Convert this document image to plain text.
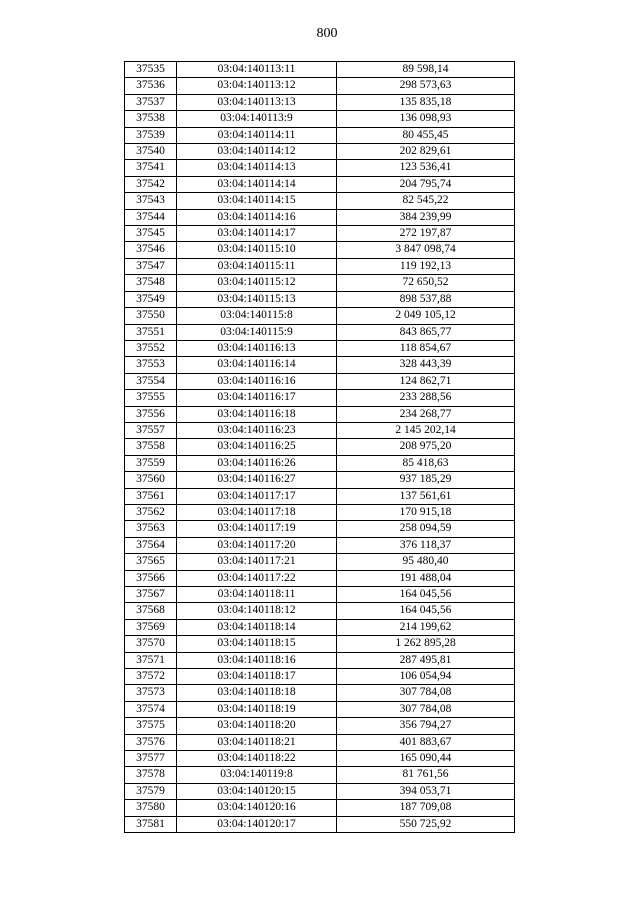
800
37535	03:04:140113:11	89 598,14
37536	03:04:140113:12	298 573,63
37537	03:04:140113:13	135 835,18
37538	03:04:140113:9	136 098,93
37539	03:04:140114:11	80 455,45
37540	03:04:140114:12	202 829,61
37541	03:04:140114:13	123 536,41
37542	03:04:140114:14	204 795,74
37543	03:04:140114:15	82 545,22
37544	03:04:140114:16	384 239,99
37545	03:04:140114:17	272 197,87
37546	03:04:140115:10	3 847 098,74
37547	03:04:140115:11	119 192,13
37548	03:04:140115:12	72 650,52
37549	03:04:140115:13	898 537,88
37550	03:04:140115:8	2 049 105,12
37551	03:04:140115:9	843 865,77
37552	03:04:140116:13	118 854,67
37553	03:04:140116:14	328 443,39
37554	03:04:140116:16	124 862,71
37555	03:04:140116:17	233 288,56
37556	03:04:140116:18	234 268,77
37557	03:04:140116:23	2 145 202,14
37558	03:04:140116:25	208 975,20
37559	03:04:140116:26	85 418,63
37560	03:04:140116:27	937 185,29
37561	03:04:140117:17	137 561,61
37562	03:04:140117:18	170 915,18
37563	03:04:140117:19	258 094,59
37564	03:04:140117:20	376 118,37
37565	03:04:140117:21	95 480,40
37566	03:04:140117:22	191 488,04
37567	03:04:140118:11	164 045,56
37568	03:04:140118:12	164 045,56
37569	03:04:140118:14	214 199,62
37570	03:04:140118:15	1 262 895,28
37571	03:04:140118:16	287 495,81
37572	03:04:140118:17	106 054,94
37573	03:04:140118:18	307 784,08
37574	03:04:140118:19	307 784,08
37575	03:04:140118:20	356 794,27
37576	03:04:140118:21	401 883,67
37577	03:04:140118:22	165 090,44
37578	03:04:140119:8	81 761,56
37579	03:04:140120:15	394 053,71
37580	03:04:140120:16	187 709,08
37581	03:04:140120:17	550 725,92
